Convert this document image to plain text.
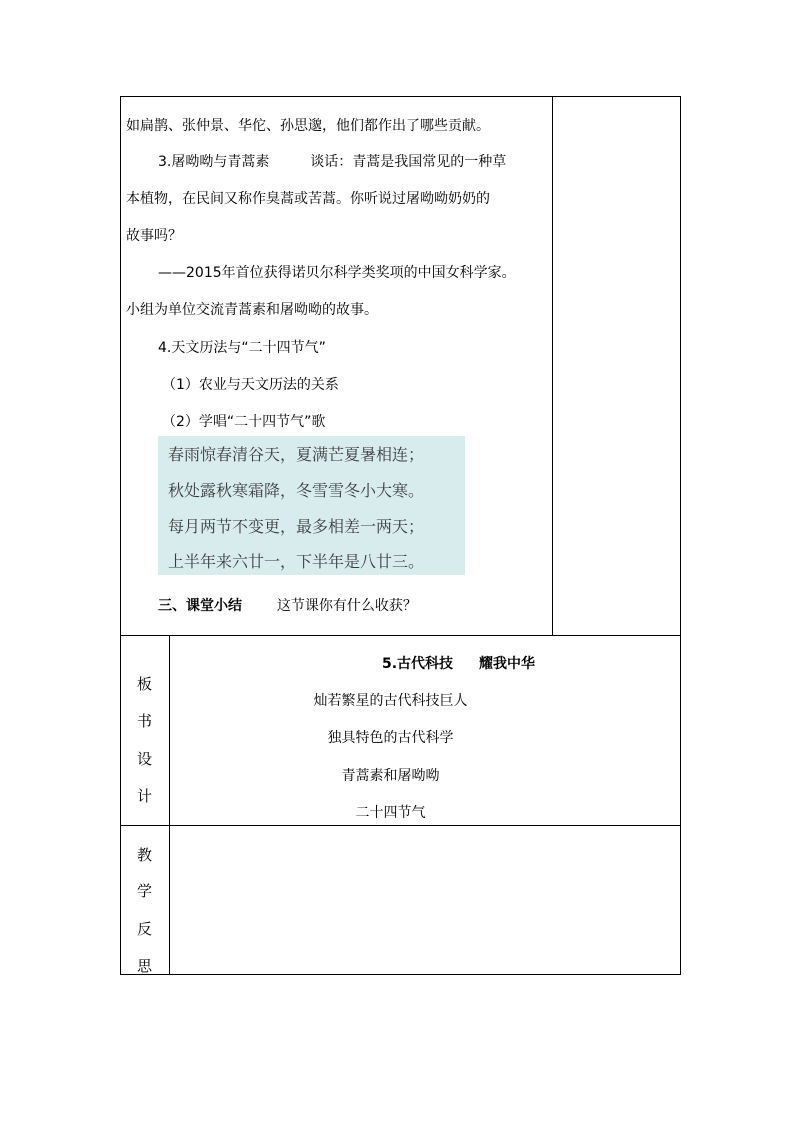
如扁鹊、张仲景、华佗、孙思邈，他们都作出了哪些贡献。
3.屠呦呦与青蒿素	谈话：青蒿是我国常见的一种草
本植物，在民间又称作臭蒿或苦蒿。你听说过屠呦呦奶奶的
故事吗？
——2015年首位获得诺贝尔科学类奖项的中国女科学家。
小组为单位交流青蒿素和屠呦呦的故事。
4.天文历法与“二十四节气”
（1）农业与天文历法的关系
（2）学唱“二十四节气”歌
春雨惊春清谷天，夏满芒夏暑相连；
秋处露秋寒霜降，冬雪雪冬小大寒。
每月两节不变更，最多相差一两天；
上半年来六廿一，下半年是八廿三。
三、课堂小结 这节课你有什么收获？
板
书
设
计
5.古代科技 耀我中华
灿若繁星的古代科技巨人
独具特色的古代科学
青蒿素和屠呦呦
二十四节气
教
学
反
思
